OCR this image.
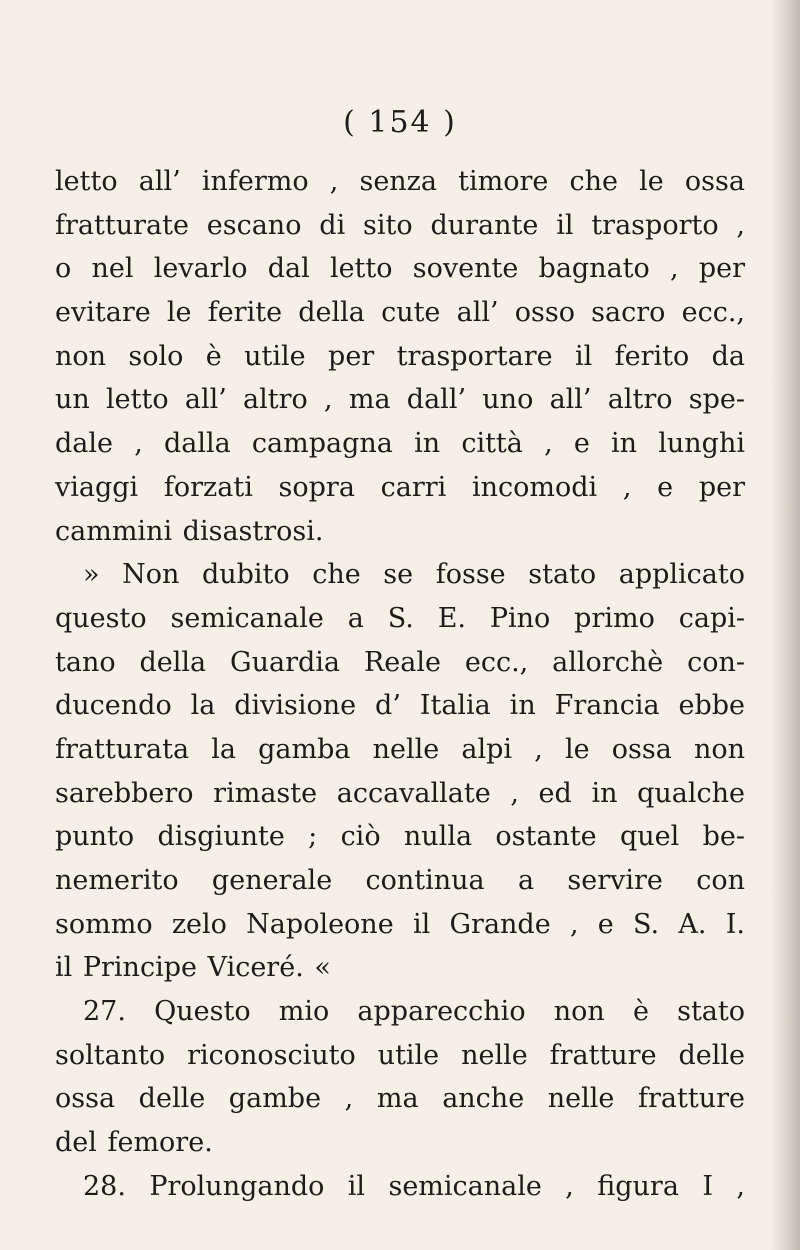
( 154 )
letto all’ infermo , senza timore che le ossa
fratturate escano di sito durante il trasporto ,
o nel levarlo dal letto sovente bagnato , per
evitare le ferite della cute all’ osso sacro ecc.,
non solo è utile per trasportare il ferito da
un letto all’ altro , ma dall’ uno all’ altro spe-
dale , dalla campagna in città , e in lunghi
viaggi forzati sopra carri incomodi , e per
cammini disastrosi.
» Non dubito che se fosse stato applicato
questo semicanale a S. E. Pino primo capi-
tano della Guardia Reale ecc., allorchè con-
ducendo la divisione d’ Italia in Francia ebbe
fratturata la gamba nelle alpi , le ossa non
sarebbero rimaste accavallate , ed in qualche
punto disgiunte ; ciò nulla ostante quel be-
nemerito generale continua a servire con
sommo zelo Napoleone il Grande , e S. A. I.
il Principe Viceré. «
27. Questo mio apparecchio non è stato
soltanto riconosciuto utile nelle fratture delle
ossa delle gambe , ma anche nelle fratture
del femore.
28. Prolungando il semicanale , figura I ,
